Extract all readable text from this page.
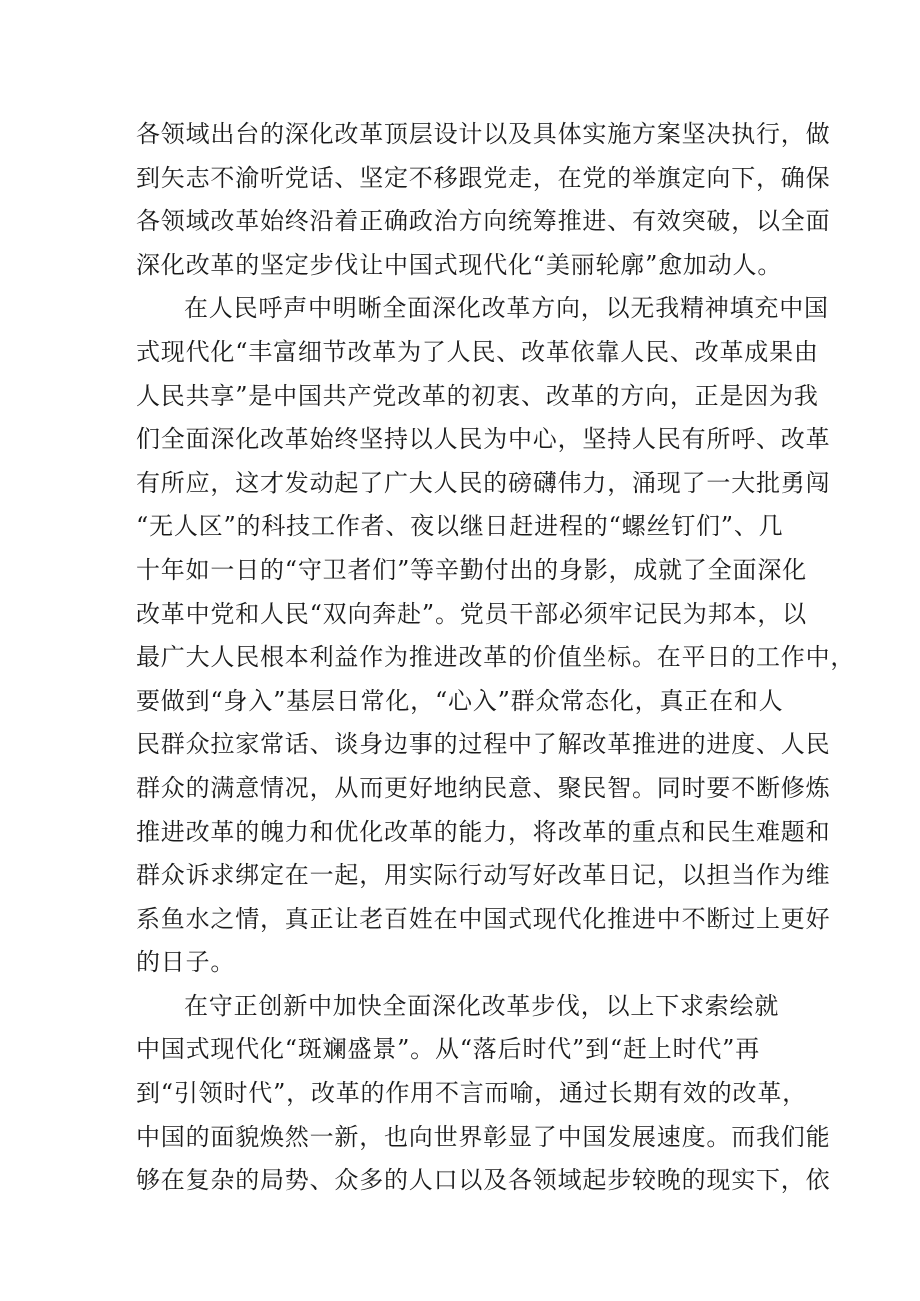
各领域出台的深化改革顶层设计以及具体实施方案坚决执行，做
到矢志不渝听党话、坚定不移跟党走，在党的举旗定向下，确保
各领域改革始终沿着正确政治方向统筹推进、有效突破，以全面
深化改革的坚定步伐让中国式现代化“美丽轮廓”愈加动人。
在人民呼声中明晰全面深化改革方向，以无我精神填充中国
式现代化“丰富细节改革为了人民、改革依靠人民、改革成果由
人民共享”是中国共产党改革的初衷、改革的方向，正是因为我
们全面深化改革始终坚持以人民为中心，坚持人民有所呼、改革
有所应，这才发动起了广大人民的磅礴伟力，涌现了一大批勇闯
“无人区”的科技工作者、夜以继日赶进程的“螺丝钉们”、几
十年如一日的“守卫者们”等辛勤付出的身影，成就了全面深化
改革中党和人民“双向奔赴”。党员干部必须牢记民为邦本，以
最广大人民根本利益作为推进改革的价值坐标。在平日的工作中，
要做到“身入”基层日常化，“心入”群众常态化，真正在和人
民群众拉家常话、谈身边事的过程中了解改革推进的进度、人民
群众的满意情况，从而更好地纳民意、聚民智。同时要不断修炼
推进改革的魄力和优化改革的能力，将改革的重点和民生难题和
群众诉求绑定在一起，用实际行动写好改革日记，以担当作为维
系鱼水之情，真正让老百姓在中国式现代化推进中不断过上更好
的日子。
在守正创新中加快全面深化改革步伐，以上下求索绘就
中国式现代化“斑斓盛景”。从“落后时代”到“赶上时代”再
到“引领时代”，改革的作用不言而喻，通过长期有效的改革，
中国的面貌焕然一新，也向世界彰显了中国发展速度。而我们能
够在复杂的局势、众多的人口以及各领域起步较晚的现实下，依
